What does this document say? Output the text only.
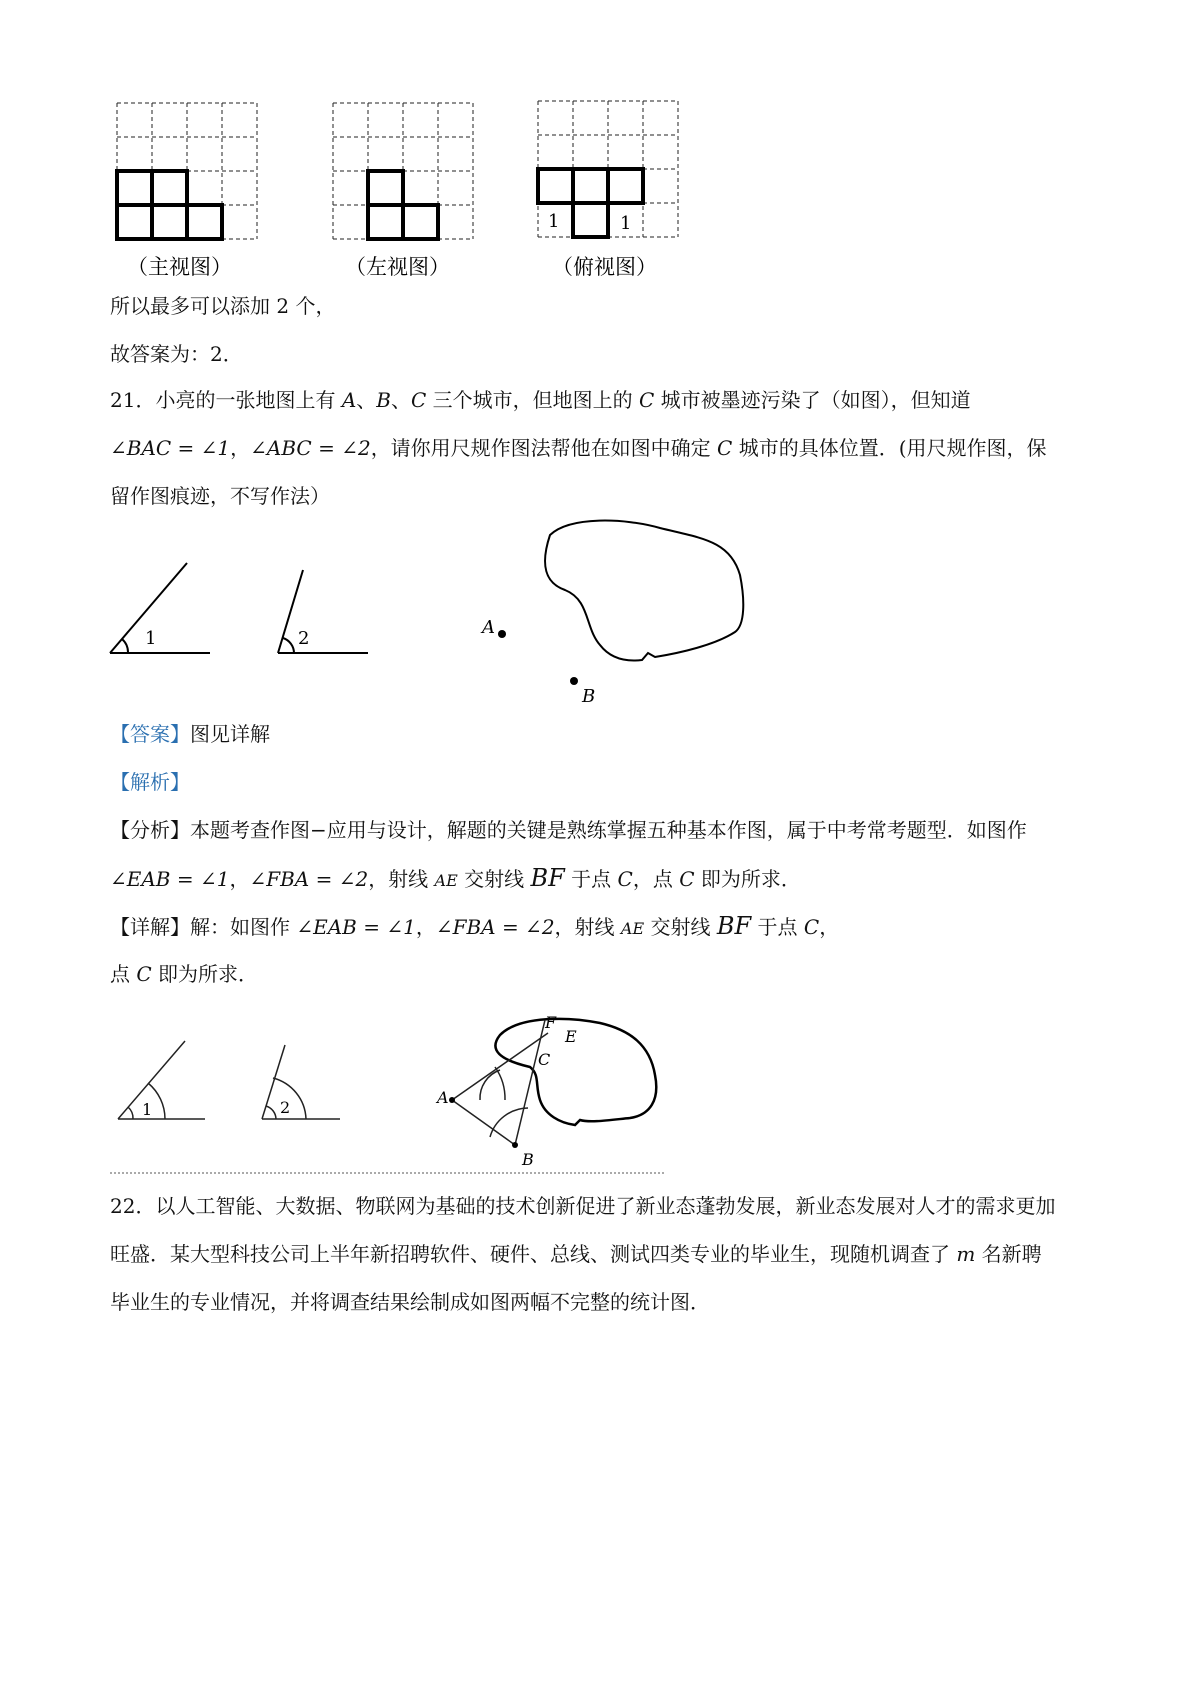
1	1
（主视图）	（左视图）	（俯视图）
所以最多可以添加 2 个，
故答案为：2．
21．小亮的一张地图上有 A、B、C 三个城市，但地图上的 C 城市被墨迹污染了（如图），但知道
∠BAC = ∠1，∠ABC = ∠2，请你用尺规作图法帮他在如图中确定 C 城市的具体位置．(用尺规作图，保
留作图痕迹，不写作法）
1	2
A
B
【答案】图见详解
【解析】
【分析】本题考查作图−应用与设计，解题的关键是熟练掌握五种基本作图，属于中考常考题型．如图作
∠EAB = ∠1，∠FBA = ∠2，射线 AE 交射线 BF 于点 C，点 C 即为所求．
【详解】解：如图作 ∠EAB = ∠1，∠FBA = ∠2，射线 AE 交射线 BF 于点 C，
点 C 即为所求．
1	2
A
B
C
E
F
22．以人工智能、大数据、物联网为基础的技术创新促进了新业态蓬勃发展，新业态发展对人才的需求更加
旺盛．某大型科技公司上半年新招聘软件、硬件、总线、测试四类专业的毕业生，现随机调查了 m 名新聘
毕业生的专业情况，并将调查结果绘制成如图两幅不完整的统计图．
